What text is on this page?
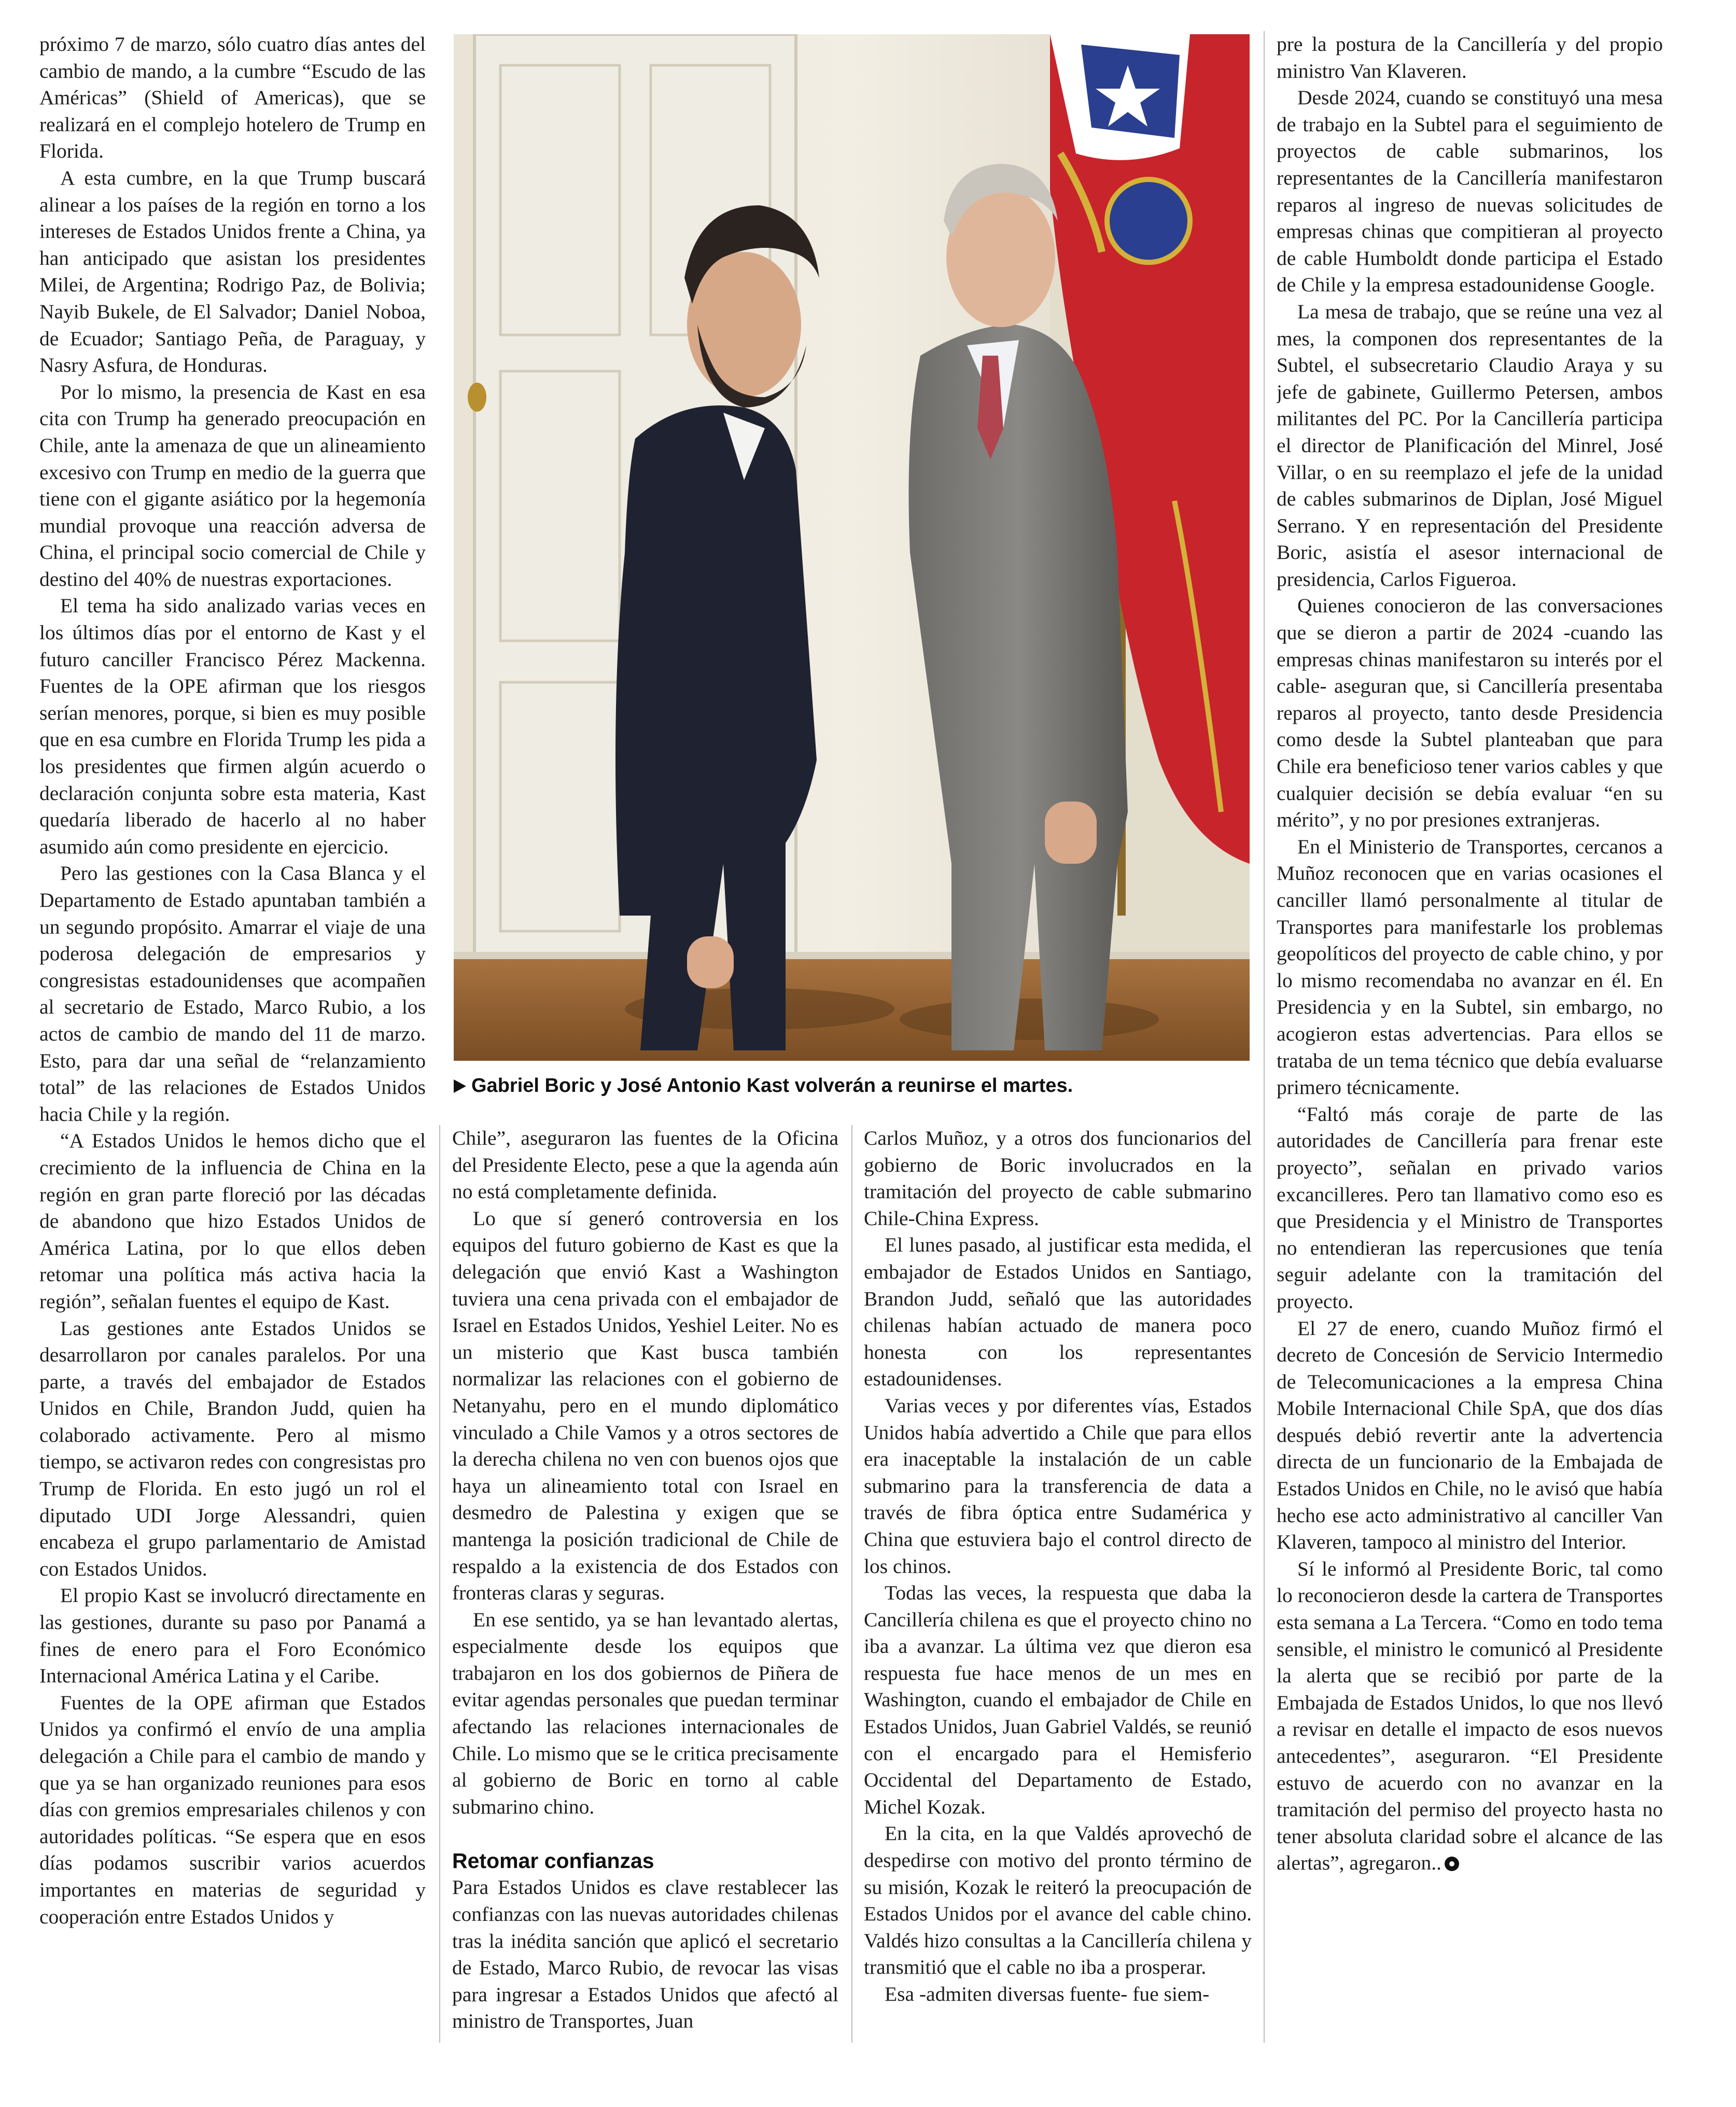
próximo 7 de marzo, sólo cuatro días antes del cambio de mando, a la cumbre “Escudo de las Américas” (Shield of Americas), que se realizará en el complejo hotelero de Trump en Florida.

A esta cumbre, en la que Trump buscará alinear a los países de la región en torno a los intereses de Estados Unidos frente a China, ya han anticipado que asistan los presidentes Milei, de Argentina; Rodrigo Paz, de Bolivia; Nayib Bukele, de El Salvador; Daniel Noboa, de Ecuador; Santiago Peña, de Paraguay, y Nasry Asfura, de Honduras.

Por lo mismo, la presencia de Kast en esa cita con Trump ha generado preocupación en Chile, ante la amenaza de que un alineamiento excesivo con Trump en medio de la guerra que tiene con el gigante asiático por la hegemonía mundial provoque una reacción adversa de China, el principal socio comercial de Chile y destino del 40% de nuestras exportaciones.

El tema ha sido analizado varias veces en los últimos días por el entorno de Kast y el futuro canciller Francisco Pérez Mackenna. Fuentes de la OPE afirman que los riesgos serían menores, porque, si bien es muy posible que en esa cumbre en Florida Trump les pida a los presidentes que firmen algún acuerdo o declaración conjunta sobre esta materia, Kast quedaría liberado de hacerlo al no haber asumido aún como presidente en ejercicio.

Pero las gestiones con la Casa Blanca y el Departamento de Estado apuntaban también a un segundo propósito. Amarrar el viaje de una poderosa delegación de empresarios y congresistas estadounidenses que acompañen al secretario de Estado, Marco Rubio, a los actos de cambio de mando del 11 de marzo. Esto, para dar una señal de “relanzamiento total” de las relaciones de Estados Unidos hacia Chile y la región.

“A Estados Unidos le hemos dicho que el crecimiento de la influencia de China en la región en gran parte floreció por las décadas de abandono que hizo Estados Unidos de América Latina, por lo que ellos deben retomar una política más activa hacia la región”, señalan fuentes el equipo de Kast.

Las gestiones ante Estados Unidos se desarrollaron por canales paralelos. Por una parte, a través del embajador de Estados Unidos en Chile, Brandon Judd, quien ha colaborado activamente. Pero al mismo tiempo, se activaron redes con congresistas pro Trump de Florida. En esto jugó un rol el diputado UDI Jorge Alessandri, quien encabeza el grupo parlamentario de Amistad con Estados Unidos.

El propio Kast se involucró directamente en las gestiones, durante su paso por Panamá a fines de enero para el Foro Económico Internacional América Latina y el Caribe.

Fuentes de la OPE afirman que Estados Unidos ya confirmó el envío de una amplia delegación a Chile para el cambio de mando y que ya se han organizado reuniones para esos días con gremios empresariales chilenos y con autoridades políticas. “Se espera que en esos días podamos suscribir varios acuerdos importantes en materias de seguridad y cooperación entre Estados Unidos y

Gabriel Boric y José Antonio Kast volverán a reunirse el martes.

Chile”, aseguraron las fuentes de la Oficina del Presidente Electo, pese a que la agenda aún no está completamente definida.

Lo que sí generó controversia en los equipos del futuro gobierno de Kast es que la delegación que envió Kast a Washington tuviera una cena privada con el embajador de Israel en Estados Unidos, Yeshiel Leiter. No es un misterio que Kast busca también normalizar las relaciones con el gobierno de Netanyahu, pero en el mundo diplomático vinculado a Chile Vamos y a otros sectores de la derecha chilena no ven con buenos ojos que haya un alineamiento total con Israel en desmedro de Palestina y exigen que se mantenga la posición tradicional de Chile de respaldo a la existencia de dos Estados con fronteras claras y seguras.

En ese sentido, ya se han levantado alertas, especialmente desde los equipos que trabajaron en los dos gobiernos de Piñera de evitar agendas personales que puedan terminar afectando las relaciones internacionales de Chile. Lo mismo que se le critica precisamente al gobierno de Boric en torno al cable submarino chino.

Retomar confianzas

Para Estados Unidos es clave restablecer las confianzas con las nuevas autoridades chilenas tras la inédita sanción que aplicó el secretario de Estado, Marco Rubio, de revocar las visas para ingresar a Estados Unidos que afectó al ministro de Transportes, Juan

Carlos Muñoz, y a otros dos funcionarios del gobierno de Boric involucrados en la tramitación del proyecto de cable submarino Chile-China Express.

El lunes pasado, al justificar esta medida, el embajador de Estados Unidos en Santiago, Brandon Judd, señaló que las autoridades chilenas habían actuado de manera poco honesta con los representantes estadounidenses.

Varias veces y por diferentes vías, Estados Unidos había advertido a Chile que para ellos era inaceptable la instalación de un cable submarino para la transferencia de data a través de fibra óptica entre Sudamérica y China que estuviera bajo el control directo de los chinos.

Todas las veces, la respuesta que daba la Cancillería chilena es que el proyecto chino no iba a avanzar. La última vez que dieron esa respuesta fue hace menos de un mes en Washington, cuando el embajador de Chile en Estados Unidos, Juan Gabriel Valdés, se reunió con el encargado para el Hemisferio Occidental del Departamento de Estado, Michel Kozak.

En la cita, en la que Valdés aprovechó de despedirse con motivo del pronto término de su misión, Kozak le reiteró la preocupación de Estados Unidos por el avance del cable chino. Valdés hizo consultas a la Cancillería chilena y transmitió que el cable no iba a prosperar.

Esa -admiten diversas fuente- fue siem-

pre la postura de la Cancillería y del propio ministro Van Klaveren.

Desde 2024, cuando se constituyó una mesa de trabajo en la Subtel para el seguimiento de proyectos de cable submarinos, los representantes de la Cancillería manifestaron reparos al ingreso de nuevas solicitudes de empresas chinas que compitieran al proyecto de cable Humboldt donde participa el Estado de Chile y la empresa estadounidense Google.

La mesa de trabajo, que se reúne una vez al mes, la componen dos representantes de la Subtel, el subsecretario Claudio Araya y su jefe de gabinete, Guillermo Petersen, ambos militantes del PC. Por la Cancillería participa el director de Planificación del Minrel, José Villar, o en su reemplazo el jefe de la unidad de cables submarinos de Diplan, José Miguel Serrano. Y en representación del Presidente Boric, asistía el asesor internacional de presidencia, Carlos Figueroa.

Quienes conocieron de las conversaciones que se dieron a partir de 2024 -cuando las empresas chinas manifestaron su interés por el cable- aseguran que, si Cancillería presentaba reparos al proyecto, tanto desde Presidencia como desde la Subtel planteaban que para Chile era beneficioso tener varios cables y que cualquier decisión se debía evaluar “en su mérito”, y no por presiones extranjeras.

En el Ministerio de Transportes, cercanos a Muñoz reconocen que en varias ocasiones el canciller llamó personalmente al titular de Transportes para manifestarle los problemas geopolíticos del proyecto de cable chino, y por lo mismo recomendaba no avanzar en él. En Presidencia y en la Subtel, sin embargo, no acogieron estas advertencias. Para ellos se trataba de un tema técnico que debía evaluarse primero técnicamente.

“Faltó más coraje de parte de las autoridades de Cancillería para frenar este proyecto”, señalan en privado varios excancilleres. Pero tan llamativo como eso es que Presidencia y el Ministro de Transportes no entendieran las repercusiones que tenía seguir adelante con la tramitación del proyecto.

El 27 de enero, cuando Muñoz firmó el decreto de Concesión de Servicio Intermedio de Telecomunicaciones a la empresa China Mobile Internacional Chile SpA, que dos días después debió revertir ante la advertencia directa de un funcionario de la Embajada de Estados Unidos en Chile, no le avisó que había hecho ese acto administrativo al canciller Van Klaveren, tampoco al ministro del Interior.

Sí le informó al Presidente Boric, tal como lo reconocieron desde la cartera de Transportes esta semana a La Tercera. “Como en todo tema sensible, el ministro le comunicó al Presidente la alerta que se recibió por parte de la Embajada de Estados Unidos, lo que nos llevó a revisar en detalle el impacto de esos nuevos antecedentes”, aseguraron. “El Presidente estuvo de acuerdo con no avanzar en la tramitación del permiso del proyecto hasta no tener absoluta claridad sobre el alcance de las alertas”, agregaron..
